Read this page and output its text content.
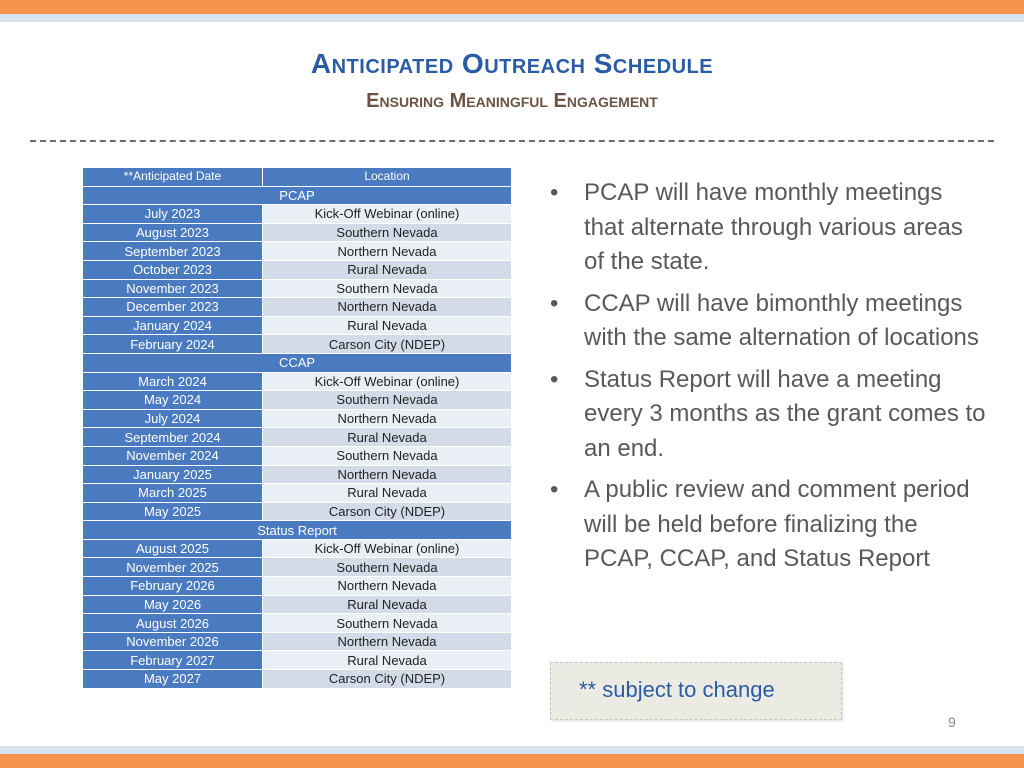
Anticipated Outreach Schedule
Ensuring Meaningful Engagement
**Anticipated Date	Location
PCAP	
July 2023	Kick-Off Webinar (online)
August 2023	Southern Nevada
September 2023	Northern Nevada
October 2023	Rural Nevada
November 2023	Southern Nevada
December 2023	Northern Nevada
January 2024	Rural Nevada
February 2024	Carson City (NDEP)
CCAP	
March 2024	Kick-Off Webinar (online)
May 2024	Southern Nevada
July 2024	Northern Nevada
September 2024	Rural Nevada
November 2024	Southern Nevada
January 2025	Northern Nevada
March 2025	Rural Nevada
May 2025	Carson City (NDEP)
Status Report	
August 2025	Kick-Off Webinar (online)
November 2025	Southern Nevada
February 2026	Northern Nevada
May 2026	Rural Nevada
August 2026	Southern Nevada
November 2026	Northern Nevada
February 2027	Rural Nevada
May 2027	Carson City (NDEP)
• PCAP will have monthly meetings that alternate through various areas of the state.
• CCAP will have bimonthly meetings with the same alternation of locations
• Status Report will have a meeting every 3 months as the grant comes to an end.
• A public review and comment period will be held before finalizing the PCAP, CCAP, and Status Report
** subject to change
9
